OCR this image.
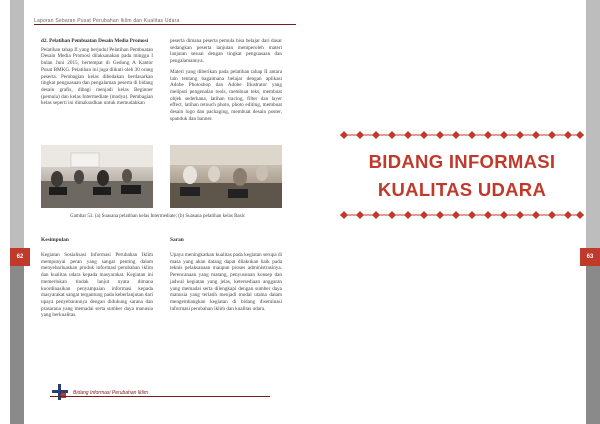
62
Laporan Sebaran Pusat Perubahan Iklim dan Kualitas Udara
d2. Pelatihan Pembuatan Desain Media Promosi

Pelatihan tahap II yang berjudul Pelatihan Pembuatan Desain Media Promosi dilaksanakan pada minggu I bulan Juni 2015, bertempat di Gedung A Kantor Pusat BMKG. Pelatihan ini juga diikuti oleh 30 orang peserta. Pembagian kelas dibedakan berdasarkan tingkat penguasaan dan pengalaman peserta di bidang desain grafis, dibagi menjadi kelas Beginner (pemula) dan kelas Intermediate (madya). Pembagian kelas seperti ini dimaksudkan untuk memudahkan

peserta dimana peserta pemula bisa belajar dari dasar sedangkan peserta lanjutan memperoleh materi lanjutan sesuai dengan tingkat penguasaan dan pengalamannya.

Materi yang diberikan pada pelatihan tahap II antara lain tentang bagaimana belajar dengan aplikasi Adobe Photoshop dan Adobe Illustrator yang meliputi pengenalan tools, membuat teks, membuat objek sederhana, latihan tracing, filter dan layer effect, latihan retouch photo, photo editing, membuat desain logo dan packaging, membuat desain poster, spanduk dan banner.

Gambar 53. (a) Suasana pelatihan kelas Intermediate; (b) Suasana pelatihan kelas Basic
Kesimpulan	Saran
Kegiatan Sosialisasi Informasi Perubahan Iklim mempunyai peran yang sangat penting dalam menyebarluaskan produk informasi perubahan iklim dan kualitas udara kepada masyarakat. Kegiatan ini memerlukan tindak lanjut nyata dimana koordinasikan penyampaian informasi kepada masyarakat sangat tergantung pada keberlanjutan dari upaya penyebarannya dengan didukung sarana dan prasarana yang memadai serta sumber daya manusia yang berkualitas.
Upaya meningkatkan kualitas pada kegiatan serupa di masa yang akan datang dapat dilakukan baik pada teknis pelaksanaan maupun proses administrasinya. Perencanaan yang matang, penyusunan konsep dan jadwal kegiatan yang jelas, ketersediaan anggaran yang memadai serta dilengkapi dengan sumber daya manusia yang terlatih menjadi modal utama dalam mengembangkan kegiatan di bidang diseminasi informasi perubahan iklim dan kualitas udara.
Bidang Informasi Perubahan Iklim
63
BIDANG INFORMASI
KUALITAS UDARA
